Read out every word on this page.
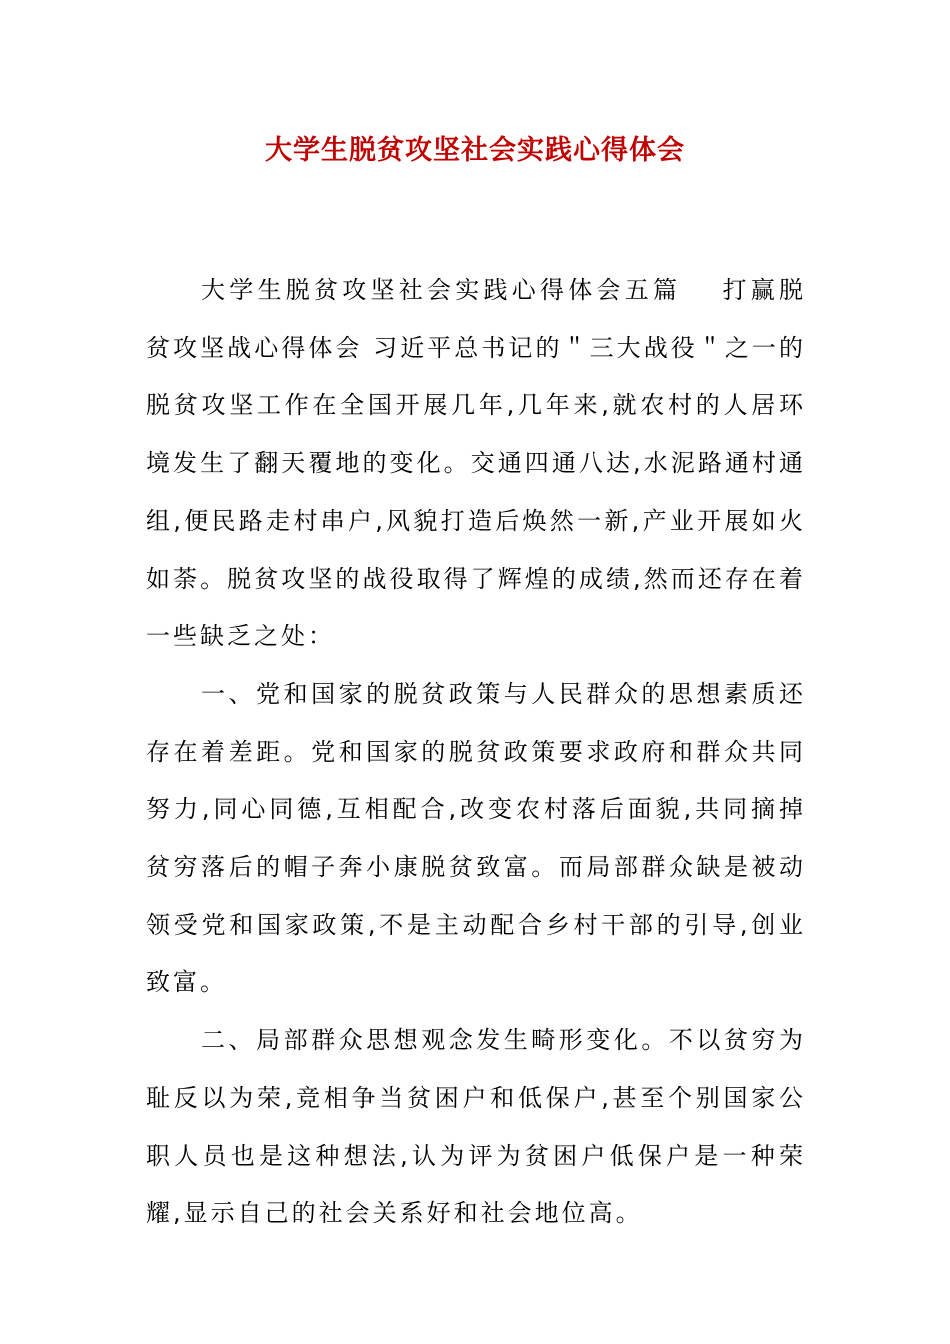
大学生脱贫攻坚社会实践心得体会

大学生脱贫攻坚社会实践心得体会五篇 打赢脱贫攻坚战心得体会 习近平总书记的＂三大战役＂之一的脱贫攻坚工作在全国开展几年,几年来,就农村的人居环境发生了翻天覆地的变化。交通四通八达,水泥路通村通组,便民路走村串户,风貌打造后焕然一新,产业开展如火如荼。脱贫攻坚的战役取得了辉煌的成绩,然而还存在着一些缺乏之处：

一、党和国家的脱贫政策与人民群众的思想素质还存在着差距。党和国家的脱贫政策要求政府和群众共同努力,同心同德,互相配合,改变农村落后面貌,共同摘掉贫穷落后的帽子奔小康脱贫致富。而局部群众缺是被动领受党和国家政策,不是主动配合乡村干部的引导,创业致富。

二、局部群众思想观念发生畸形变化。不以贫穷为耻反以为荣,竞相争当贫困户和低保户,甚至个别国家公职人员也是这种想法,认为评为贫困户低保户是一种荣耀,显示自己的社会关系好和社会地位高。
